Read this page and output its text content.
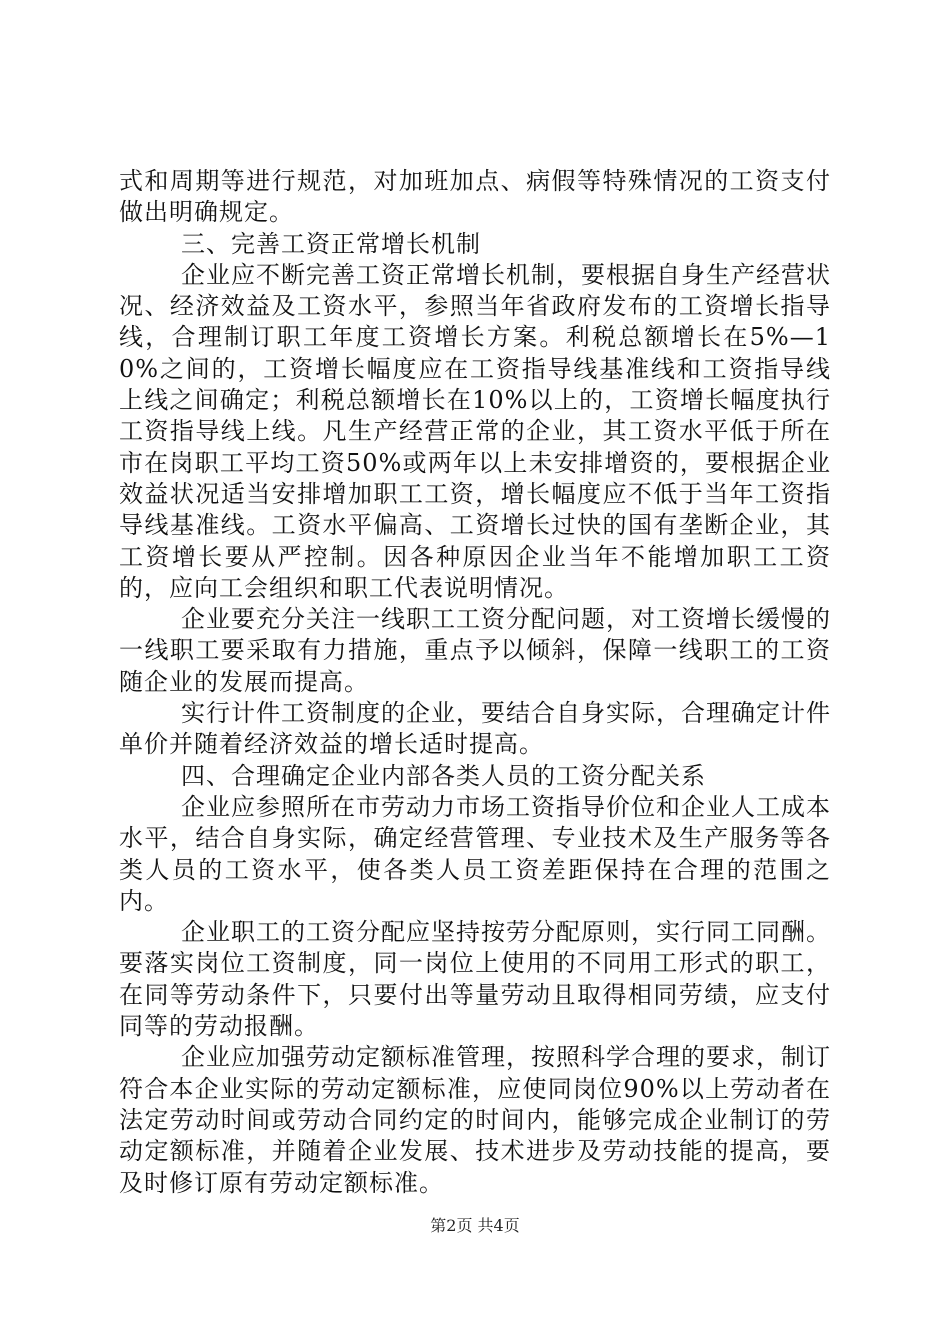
式和周期等进行规范，对加班加点、病假等特殊情况的工资支付做出明确规定。

三、完善工资正常增长机制

企业应不断完善工资正常增长机制，要根据自身生产经营状况、经济效益及工资水平，参照当年省政府发布的工资增长指导线，合理制订职工年度工资增长方案。利税总额增长在5%—10%之间的，工资增长幅度应在工资指导线基准线和工资指导线上线之间确定；利税总额增长在10%以上的，工资增长幅度执行工资指导线上线。凡生产经营正常的企业，其工资水平低于所在市在岗职工平均工资50%或两年以上未安排增资的，要根据企业效益状况适当安排增加职工工资，增长幅度应不低于当年工资指导线基准线。工资水平偏高、工资增长过快的国有垄断企业，其工资增长要从严控制。因各种原因企业当年不能增加职工工资的，应向工会组织和职工代表说明情况。

企业要充分关注一线职工工资分配问题，对工资增长缓慢的一线职工要采取有力措施，重点予以倾斜，保障一线职工的工资随企业的发展而提高。

实行计件工资制度的企业，要结合自身实际，合理确定计件单价并随着经济效益的增长适时提高。

四、合理确定企业内部各类人员的工资分配关系

企业应参照所在市劳动力市场工资指导价位和企业人工成本水平，结合自身实际，确定经营管理、专业技术及生产服务等各类人员的工资水平，使各类人员工资差距保持在合理的范围之内。

企业职工的工资分配应坚持按劳分配原则，实行同工同酬。要落实岗位工资制度，同一岗位上使用的不同用工形式的职工，在同等劳动条件下，只要付出等量劳动且取得相同劳绩，应支付同等的劳动报酬。

企业应加强劳动定额标准管理，按照科学合理的要求，制订符合本企业实际的劳动定额标准，应使同岗位90%以上劳动者在法定劳动时间或劳动合同约定的时间内，能够完成企业制订的劳动定额标准，并随着企业发展、技术进步及劳动技能的提高，要及时修订原有劳动定额标准。

第2页 共4页
